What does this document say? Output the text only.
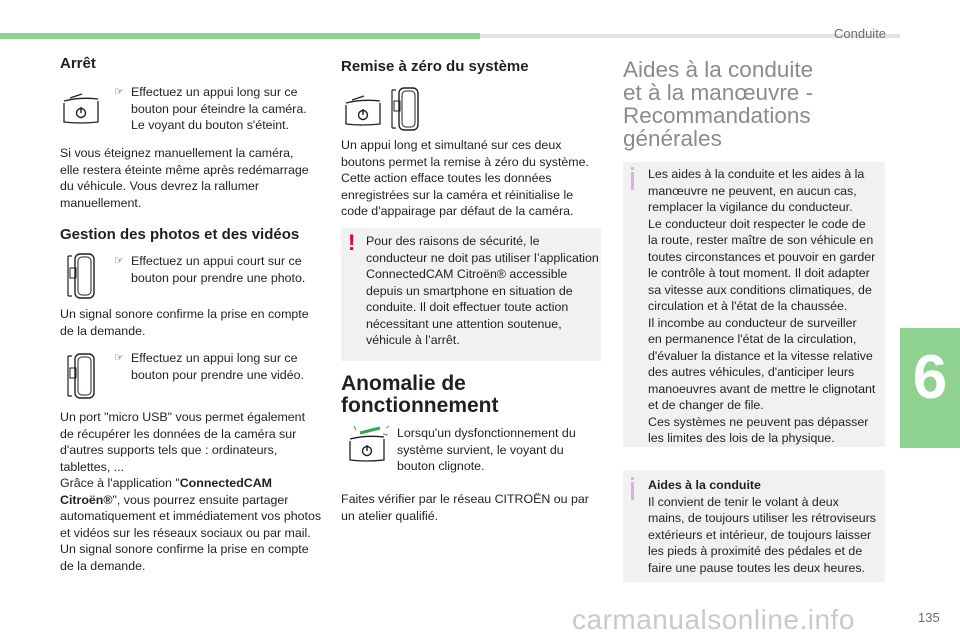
Conduite
6
135
carmanualsonline.info
Arrêt
☞ Effectuez un appui long sur ce
bouton pour éteindre la caméra.
Le voyant du bouton s'éteint.

Si vous éteignez manuellement la caméra,

elle restera éteinte même après redémarrage

du véhicule. Vous devrez la rallumer

manuellement.

Gestion des photos et des vidéos
☞ Effectuez un appui court sur ce
bouton pour prendre une photo.

Un signal sonore confirme la prise en compte

de la demande.

☞ Effectuez un appui long sur ce
bouton pour prendre une vidéo.

Un port "micro USB" vous permet également

de récupérer les données de la caméra sur

d'autres supports tels que : ordinateurs,

tablettes, ...

Grâce à l'application "ConnectedCAM

Citroën®", vous pourrez ensuite partager

automatiquement et immédiatement vos photos

et vidéos sur les réseaux sociaux ou par mail.

Un signal sonore confirme la prise en compte

de la demande.

Remise à zéro du système

Un appui long et simultané sur ces deux

boutons permet la remise à zéro du système.

Cette action efface toutes les données

enregistrées sur la caméra et réinitialise le

code d'appairage par défaut de la caméra.

! Pour des raisons de sécurité, le
conducteur ne doit pas utiliser l’application
ConnectedCAM Citroën® accessible
depuis un smartphone en situation de
conduite. Il doit effectuer toute action
nécessitant une attention soutenue,
véhicule à l’arrêt.
Anomalie de
fonctionnement
Lorsqu'un dysfonctionnement du
système survient, le voyant du
bouton clignote.

Faites vérifier par le réseau CITROËN ou par

un atelier qualifié.

Aides à la conduite
et à la manœuvre -
Recommandations
générales
Les aides à la conduite et les aides à la
manœuvre ne peuvent, en aucun cas,
remplacer la vigilance du conducteur.
Le conducteur doit respecter le code de
la route, rester maître de son véhicule en
toutes circonstances et pouvoir en garder
le contrôle à tout moment. Il doit adapter
sa vitesse aux conditions climatiques, de
circulation et à l'état de la chaussée.
Il incombe au conducteur de surveiller
en permanence l'état de la circulation,
d'évaluer la distance et la vitesse relative
des autres véhicules, d'anticiper leurs
manoeuvres avant de mettre le clignotant
et de changer de file.
Ces systèmes ne peuvent pas dépasser
les limites des lois de la physique.
Aides à la conduite
Il convient de tenir le volant à deux
mains, de toujours utiliser les rétroviseurs
extérieurs et intérieur, de toujours laisser
les pieds à proximité des pédales et de
faire une pause toutes les deux heures.
